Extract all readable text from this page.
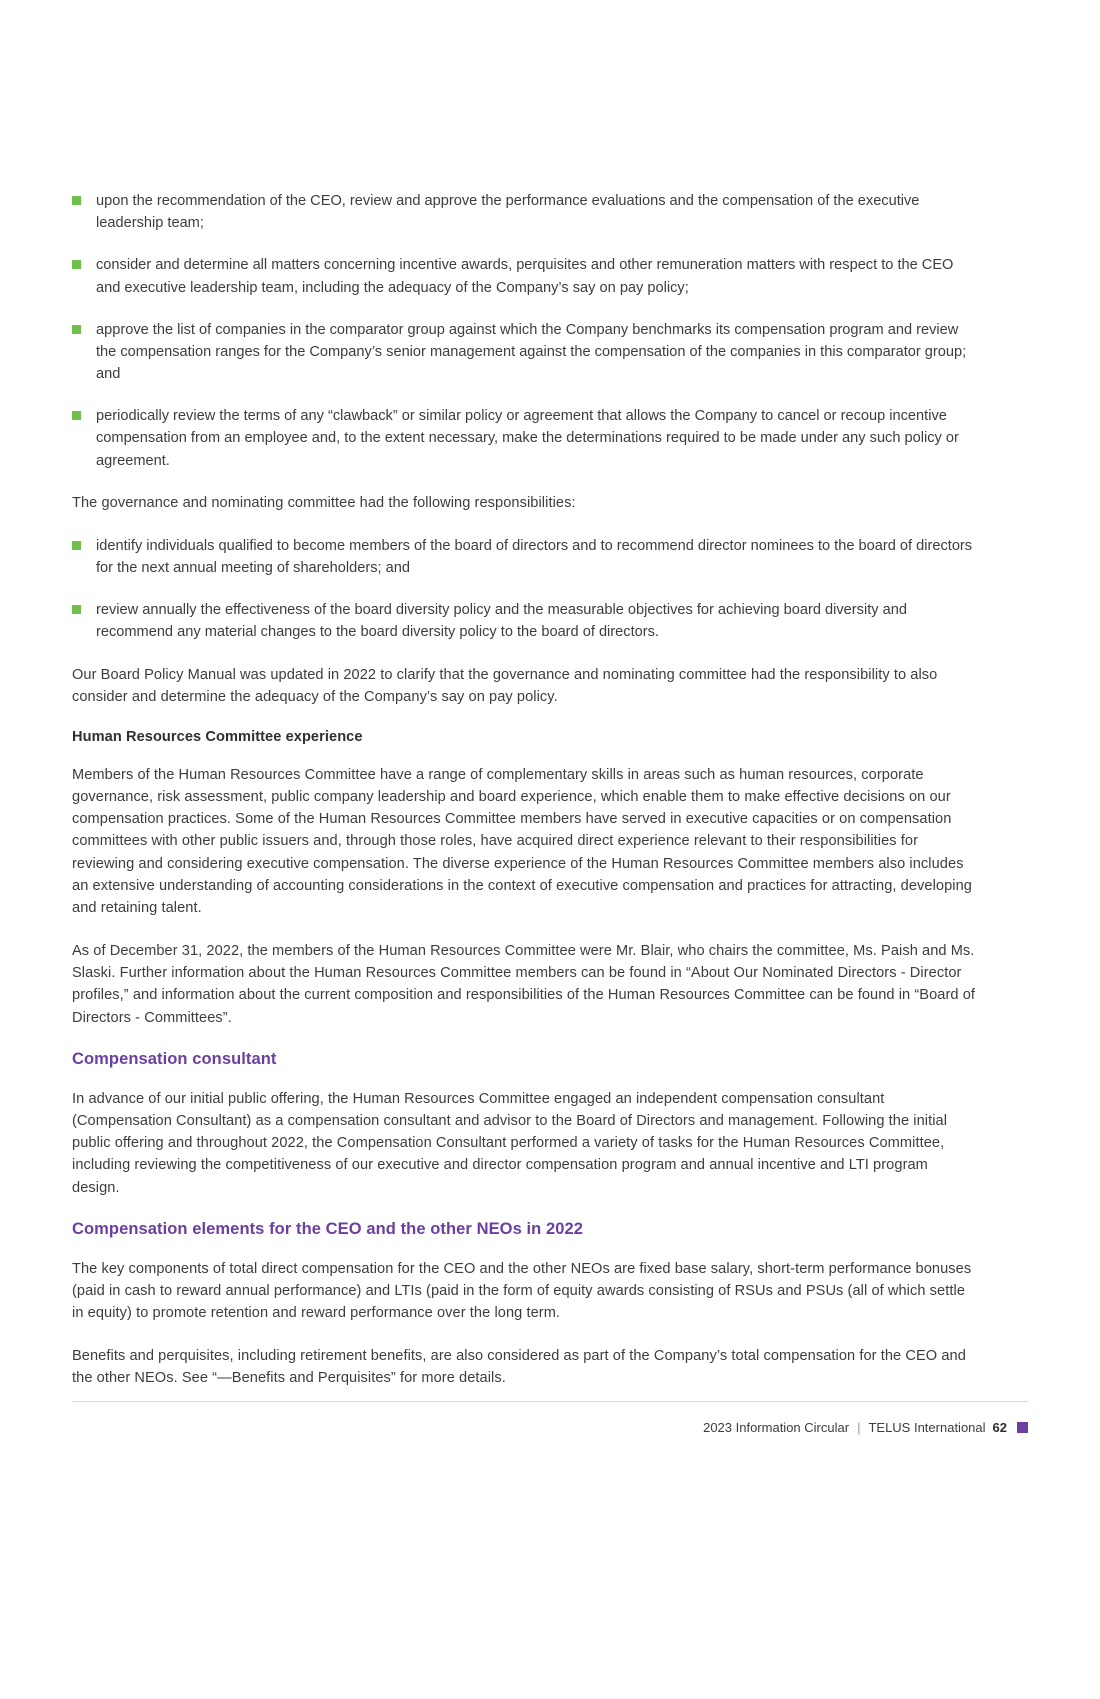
upon the recommendation of the CEO, review and approve the performance evaluations and the compensation of the executive leadership team;
consider and determine all matters concerning incentive awards, perquisites and other remuneration matters with respect to the CEO and executive leadership team, including the adequacy of the Company’s say on pay policy;
approve the list of companies in the comparator group against which the Company benchmarks its compensation program and review the compensation ranges for the Company’s senior management against the compensation of the companies in this comparator group; and
periodically review the terms of any “clawback” or similar policy or agreement that allows the Company to cancel or recoup incentive compensation from an employee and, to the extent necessary, make the determinations required to be made under any such policy or agreement.

The governance and nominating committee had the following responsibilities:

identify individuals qualified to become members of the board of directors and to recommend director nominees to the board of directors for the next annual meeting of shareholders; and
review annually the effectiveness of the board diversity policy and the measurable objectives for achieving board diversity and recommend any material changes to the board diversity policy to the board of directors.

Our Board Policy Manual was updated in 2022 to clarify that the governance and nominating committee had the responsibility to also consider and determine the adequacy of the Company’s say on pay policy.

Human Resources Committee experience

Members of the Human Resources Committee have a range of complementary skills in areas such as human resources, corporate governance, risk assessment, public company leadership and board experience, which enable them to make effective decisions on our compensation practices. Some of the Human Resources Committee members have served in executive capacities or on compensation committees with other public issuers and, through those roles, have acquired direct experience relevant to their responsibilities for reviewing and considering executive compensation. The diverse experience of the Human Resources Committee members also includes an extensive understanding of accounting considerations in the context of executive compensation and practices for attracting, developing and retaining talent.

As of December 31, 2022, the members of the Human Resources Committee were Mr. Blair, who chairs the committee, Ms. Paish and Ms. Slaski. Further information about the Human Resources Committee members can be found in “About Our Nominated Directors - Director profiles,” and information about the current composition and responsibilities of the Human Resources Committee can be found in “Board of Directors - Committees”.

Compensation consultant

In advance of our initial public offering, the Human Resources Committee engaged an independent compensation consultant (Compensation Consultant) as a compensation consultant and advisor to the Board of Directors and management. Following the initial public offering and throughout 2022, the Compensation Consultant performed a variety of tasks for the Human Resources Committee, including reviewing the competitiveness of our executive and director compensation program and annual incentive and LTI program design.

Compensation elements for the CEO and the other NEOs in 2022

The key components of total direct compensation for the CEO and the other NEOs are fixed base salary, short-term performance bonuses (paid in cash to reward annual performance) and LTIs (paid in the form of equity awards consisting of RSUs and PSUs (all of which settle in equity) to promote retention and reward performance over the long term.

Benefits and perquisites, including retirement benefits, are also considered as part of the Company’s total compensation for the CEO and the other NEOs. See “—Benefits and Perquisites” for more details.

2023 Information Circular | TELUS International 62
